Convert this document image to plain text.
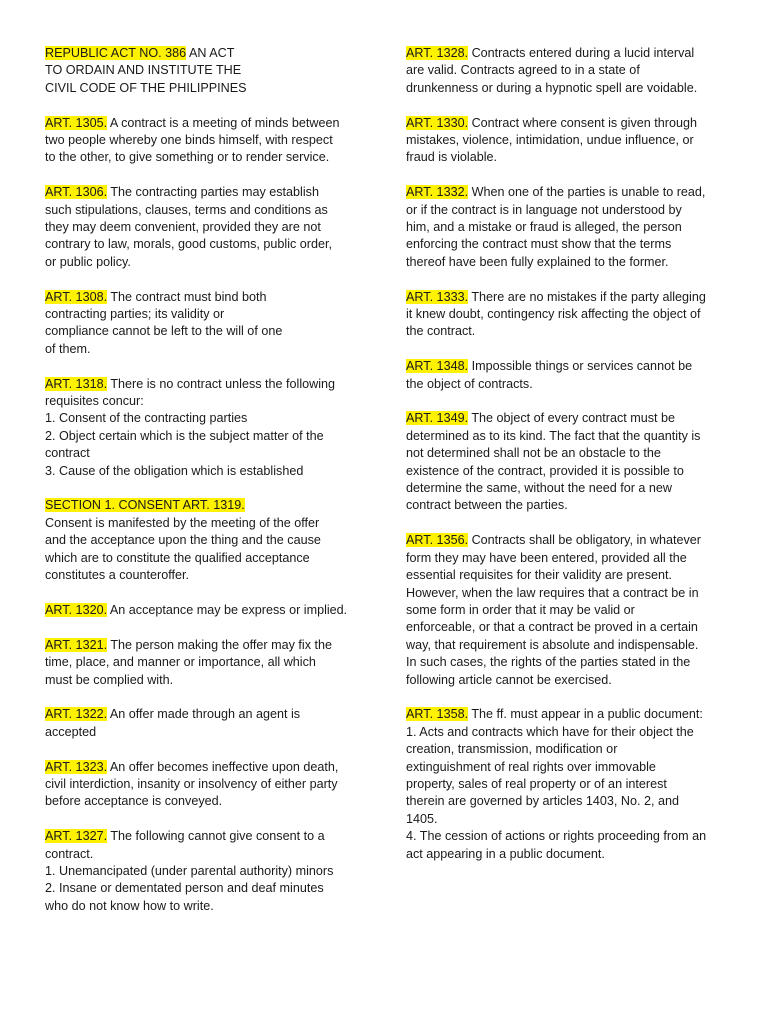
REPUBLIC ACT NO. 386 AN ACT
TO ORDAIN AND INSTITUTE THE
CIVIL CODE OF THE PHILIPPINES
ART. 1305. A contract is a meeting of minds between
two people whereby one binds himself, with respect
to the other, to give something or to render service.
ART. 1306. The contracting parties may establish
such stipulations, clauses, terms and conditions as
they may deem convenient, provided they are not
contrary to law, morals, good customs, public order,
or public policy.
ART. 1308. The contract must bind both
contracting parties; its validity or
compliance cannot be left to the will of one
of them.
ART. 1318. There is no contract unless the following
requisites concur:
1. Consent of the contracting parties
2. Object certain which is the subject matter of the
contract
3. Cause of the obligation which is established
SECTION 1. CONSENT ART. 1319.
Consent is manifested by the meeting of the offer
and the acceptance upon the thing and the cause
which are to constitute the qualified acceptance
constitutes a counteroffer.
ART. 1320. An acceptance may be express or implied.
ART. 1321. The person making the offer may fix the
time, place, and manner or importance, all which
must be complied with.
ART. 1322. An offer made through an agent is
accepted
ART. 1323. An offer becomes ineffective upon death,
civil interdiction, insanity or insolvency of either party
before acceptance is conveyed.
ART. 1327. The following cannot give consent to a
contract.
1. Unemancipated (under parental authority) minors
2. Insane or dementated person and deaf minutes
who do not know how to write.
ART. 1328. Contracts entered during a lucid interval
are valid. Contracts agreed to in a state of
drunkenness or during a hypnotic spell are voidable.
ART. 1330. Contract where consent is given through
mistakes, violence, intimidation, undue influence, or
fraud is violable.
ART. 1332. When one of the parties is unable to read,
or if the contract is in language not understood by
him, and a mistake or fraud is alleged, the person
enforcing the contract must show that the terms
thereof have been fully explained to the former.
ART. 1333. There are no mistakes if the party alleging
it knew doubt, contingency risk affecting the object of
the contract.
ART. 1348. Impossible things or services cannot be
the object of contracts.
ART. 1349. The object of every contract must be
determined as to its kind. The fact that the quantity is
not determined shall not be an obstacle to the
existence of the contract, provided it is possible to
determine the same, without the need for a new
contract between the parties.
ART. 1356. Contracts shall be obligatory, in whatever
form they may have been entered, provided all the
essential requisites for their validity are present.
However, when the law requires that a contract be in
some form in order that it may be valid or
enforceable, or that a contract be proved in a certain
way, that requirement is absolute and indispensable.
In such cases, the rights of the parties stated in the
following article cannot be exercised.
ART. 1358. The ff. must appear in a public document:
1. Acts and contracts which have for their object the
creation, transmission, modification or
extinguishment of real rights over immovable
property, sales of real property or of an interest
therein are governed by articles 1403, No. 2, and
1405.
4. The cession of actions or rights proceeding from an
act appearing in a public document.
